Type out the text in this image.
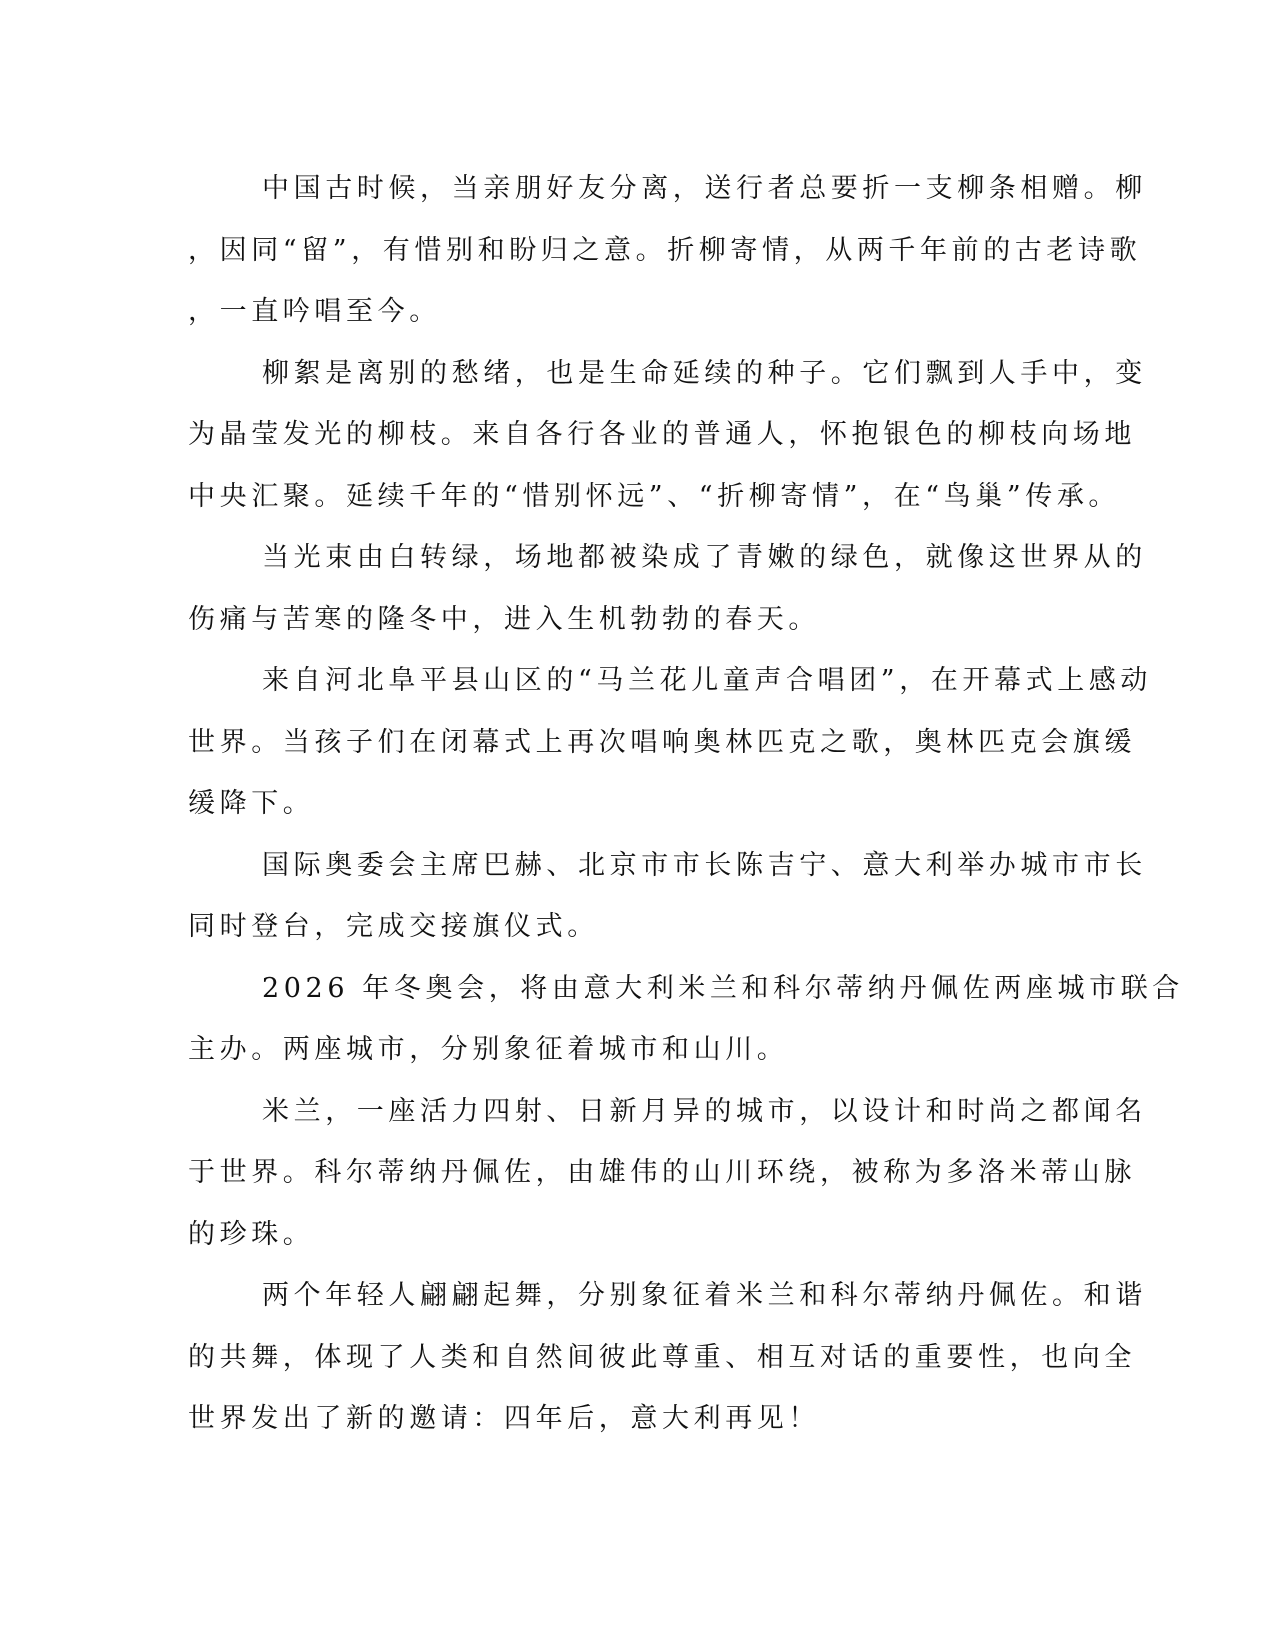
中国古时候，当亲朋好友分离，送行者总要折一支柳条相赠。柳
，因同“留”，有惜别和盼归之意。折柳寄情，从两千年前的古老诗歌
，一直吟唱至今。
柳絮是离别的愁绪，也是生命延续的种子。它们飘到人手中，变
为晶莹发光的柳枝。来自各行各业的普通人，怀抱银色的柳枝向场地
中央汇聚。延续千年的“惜别怀远”、“折柳寄情”，在“鸟巢”传承。
当光束由白转绿，场地都被染成了青嫩的绿色，就像这世界从的
伤痛与苦寒的隆冬中，进入生机勃勃的春天。
来自河北阜平县山区的“马兰花儿童声合唱团”，在开幕式上感动
世界。当孩子们在闭幕式上再次唱响奥林匹克之歌，奥林匹克会旗缓
缓降下。
国际奥委会主席巴赫、北京市市长陈吉宁、意大利举办城市市长
同时登台，完成交接旗仪式。
2026 年冬奥会，将由意大利米兰和科尔蒂纳丹佩佐两座城市联合
主办。两座城市，分别象征着城市和山川。
米兰，一座活力四射、日新月异的城市，以设计和时尚之都闻名
于世界。科尔蒂纳丹佩佐，由雄伟的山川环绕，被称为多洛米蒂山脉
的珍珠。
两个年轻人翩翩起舞，分别象征着米兰和科尔蒂纳丹佩佐。和谐
的共舞，体现了人类和自然间彼此尊重、相互对话的重要性，也向全
世界发出了新的邀请：四年后，意大利再见！
